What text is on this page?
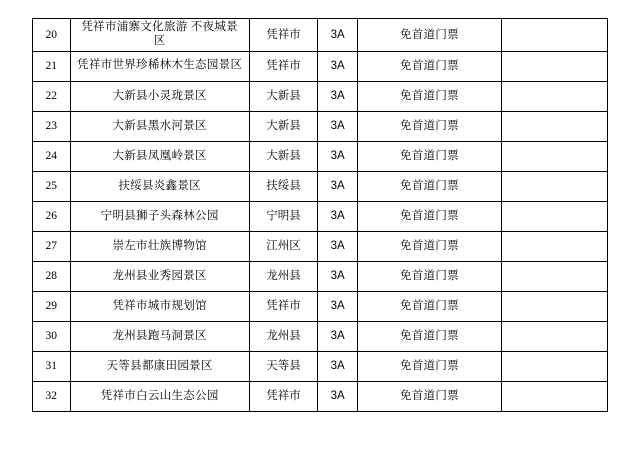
20	凭祥市浦寨文化旅游 不夜城景区	凭祥市	3A	免首道门票	
21	凭祥市世界珍稀林木生态园景区	凭祥市	3A	免首道门票	
22	大新县小灵珑景区	大新县	3A	免首道门票	
23	大新县黑水河景区	大新县	3A	免首道门票	
24	大新县凤凰岭景区	大新县	3A	免首道门票	
25	扶绥县炎鑫景区	扶绥县	3A	免首道门票	
26	宁明县狮子头森林公园	宁明县	3A	免首道门票	
27	崇左市壮族博物馆	江州区	3A	免首道门票	
28	龙州县业秀园景区	龙州县	3A	免首道门票	
29	凭祥市城市规划馆	凭祥市	3A	免首道门票	
30	龙州县跑马洞景区	龙州县	3A	免首道门票	
31	天等县都康田园景区	天等县	3A	免首道门票	
32	凭祥市白云山生态公园	凭祥市	3A	免首道门票	
